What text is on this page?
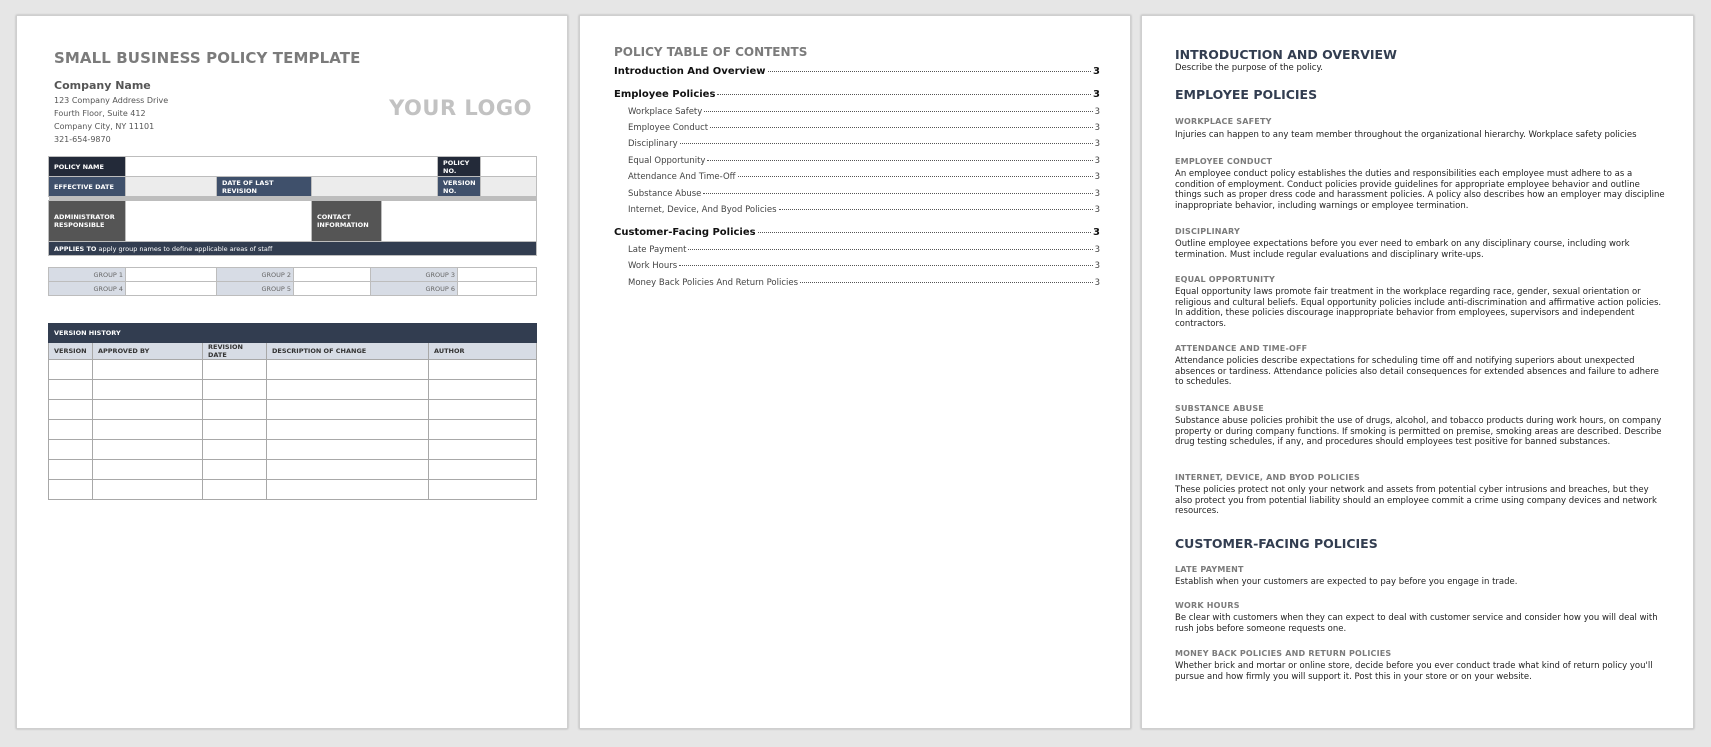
SMALL BUSINESS POLICY TEMPLATE
Company Name
123 Company Address Drive
Fourth Floor, Suite 412
Company City, NY 11101
321-654-9870
YOUR LOGO
POLICY NAME					POLICY NO.	
EFFECTIVE DATE		DATE OF LAST REVISION			VERSION NO.	

ADMINISTRATOR RESPONSIBLE			CONTACT INFORMATION			
APPLIES TO apply group names to define applicable areas of staff						
GROUP 1		GROUP 2		GROUP 3	
GROUP 4		GROUP 5		GROUP 6	
VERSION HISTORY				
VERSION	APPROVED BY	REVISION DATE	DESCRIPTION OF CHANGE	AUTHOR

POLICY TABLE OF CONTENTS
Introduction And Overview	3
Employee Policies	3
Workplace Safety	3
Employee Conduct	3
Disciplinary	3
Equal Opportunity	3
Attendance And Time-Off	3
Substance Abuse	3
Internet, Device, And Byod Policies	3
Customer-Facing Policies	3
Late Payment	3
Work Hours	3
Money Back Policies And Return Policies	3
INTRODUCTION AND OVERVIEW
Describe the purpose of the policy.
EMPLOYEE POLICIES
WORKPLACE SAFETY
Injuries can happen to any team member throughout the organizational hierarchy. Workplace safety policies
EMPLOYEE CONDUCT
An employee conduct policy establishes the duties and responsibilities each employee must adhere to as a condition of employment. Conduct policies provide guidelines for appropriate employee behavior and outline things such as proper dress code and harassment policies. A policy also describes how an employer may discipline inappropriate behavior, including warnings or employee termination.
DISCIPLINARY
Outline employee expectations before you ever need to embark on any disciplinary course, including work termination. Must include regular evaluations and disciplinary write-ups.
EQUAL OPPORTUNITY
Equal opportunity laws promote fair treatment in the workplace regarding race, gender, sexual orientation or religious and cultural beliefs. Equal opportunity policies include anti-discrimination and affirmative action policies. In addition, these policies discourage inappropriate behavior from employees, supervisors and independent contractors.
ATTENDANCE AND TIME-OFF
Attendance policies describe expectations for scheduling time off and notifying superiors about unexpected absences or tardiness. Attendance policies also detail consequences for extended absences and failure to adhere to schedules.
SUBSTANCE ABUSE
Substance abuse policies prohibit the use of drugs, alcohol, and tobacco products during work hours, on company property or during company functions. If smoking is permitted on premise, smoking areas are described. Describe drug testing schedules, if any, and procedures should employees test positive for banned substances.
INTERNET, DEVICE, AND BYOD POLICIES
These policies protect not only your network and assets from potential cyber intrusions and breaches, but they also protect you from potential liability should an employee commit a crime using company devices and network resources.
CUSTOMER-FACING POLICIES
LATE PAYMENT
Establish when your customers are expected to pay before you engage in trade.
WORK HOURS
Be clear with customers when they can expect to deal with customer service and consider how you will deal with rush jobs before someone requests one.
MONEY BACK POLICIES AND RETURN POLICIES
Whether brick and mortar or online store, decide before you ever conduct trade what kind of return policy you'll pursue and how firmly you will support it. Post this in your store or on your website.
